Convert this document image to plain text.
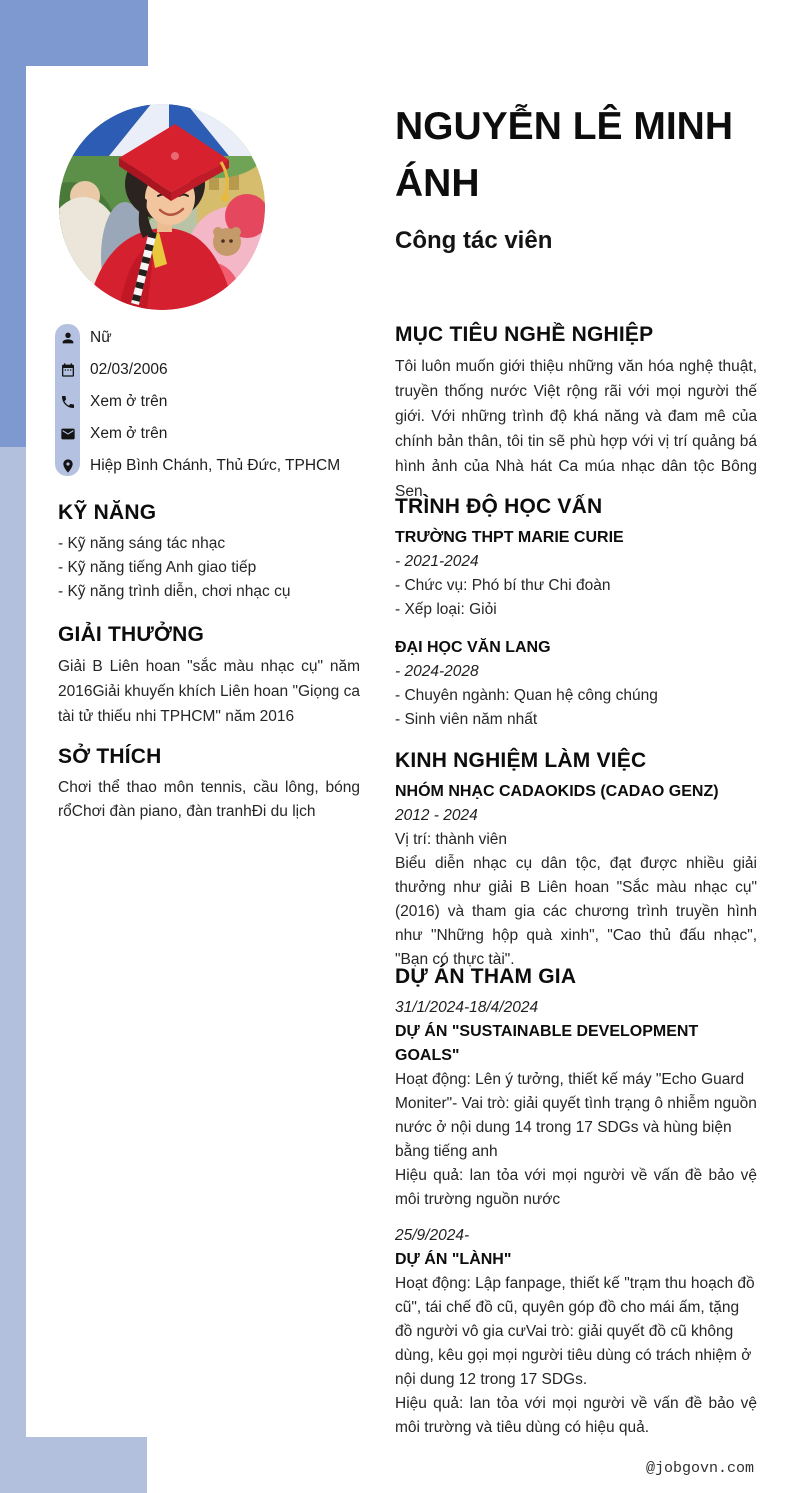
NGUYỄN LÊ MINH ÁNH
Công tác viên
Nữ
02/03/2006
Xem ở trên
Xem ở trên
Hiệp Bình Chánh, Thủ Đức, TPHCM
KỸ NĂNG
- Kỹ năng sáng tác nhạc
- Kỹ năng tiếng Anh giao tiếp
- Kỹ năng trình diễn, chơi nhạc cụ
GIẢI THƯỞNG
Giải B Liên hoan "sắc màu nhạc cụ" năm 2016Giải khuyến khích Liên hoan "Giọng ca tài tử thiếu nhi TPHCM" năm 2016
SỞ THÍCH
Chơi thể thao môn tennis, cầu lông, bóng rổChơi đàn piano, đàn tranhĐi du lịch
MỤC TIÊU NGHỀ NGHIỆP
Tôi luôn muốn giới thiệu những văn hóa nghệ thuật, truyền thống nước Việt rộng rãi với mọi người thế giới. Với những trình độ khá năng và đam mê của chính bản thân, tôi tin sẽ phù hợp với vị trí quảng bá hình ảnh của Nhà hát Ca múa nhạc dân tộc Bông Sen
TRÌNH ĐỘ HỌC VẤN
TRƯỜNG THPT MARIE CURIE
- 2021-2024
- Chức vụ: Phó bí thư Chi đoàn
- Xếp loại: Giỏi
ĐẠI HỌC VĂN LANG
- 2024-2028
- Chuyên ngành: Quan hệ công chúng
- Sinh viên năm nhất
KINH NGHIỆM LÀM VIỆC
NHÓM NHẠC CADAOKIDS (CADAO GENZ)
2012 - 2024
Vị trí: thành viên
Biểu diễn nhạc cụ dân tộc, đạt được nhiều giải thưởng như giải B Liên hoan "Sắc màu nhạc cụ" (2016) và tham gia các chương trình truyền hình như "Những hộp quà xinh", "Cao thủ đấu nhạc", "Bạn có thực tài".
DỰ ÁN THAM GIA
31/1/2024-18/4/2024
DỰ ÁN "SUSTAINABLE DEVELOPMENT GOALS"
Hoạt động: Lên ý tưởng, thiết kế máy "Echo Guard Moniter"- Vai trò: giải quyết tình trạng ô nhiễm nguồn nước ở nội dung 14 trong 17 SDGs và hùng biện bằng tiếng anh
Hiệu quả: lan tỏa với mọi người về vấn đề bảo vệ môi trường nguồn nước
25/9/2024-
DỰ ÁN "LÀNH"
Hoạt động: Lập fanpage, thiết kế "trạm thu hoạch đồ cũ", tái chế đồ cũ, quyên góp đồ cho mái ấm, tặng đồ người vô gia cưVai trò: giải quyết đồ cũ không dùng, kêu gọi mọi người tiêu dùng có trách nhiệm ở nội dung 12 trong 17 SDGs.
Hiệu quả: lan tỏa với mọi người về vấn đề bảo vệ môi trường và tiêu dùng có hiệu quả.
@jobgovn.com
